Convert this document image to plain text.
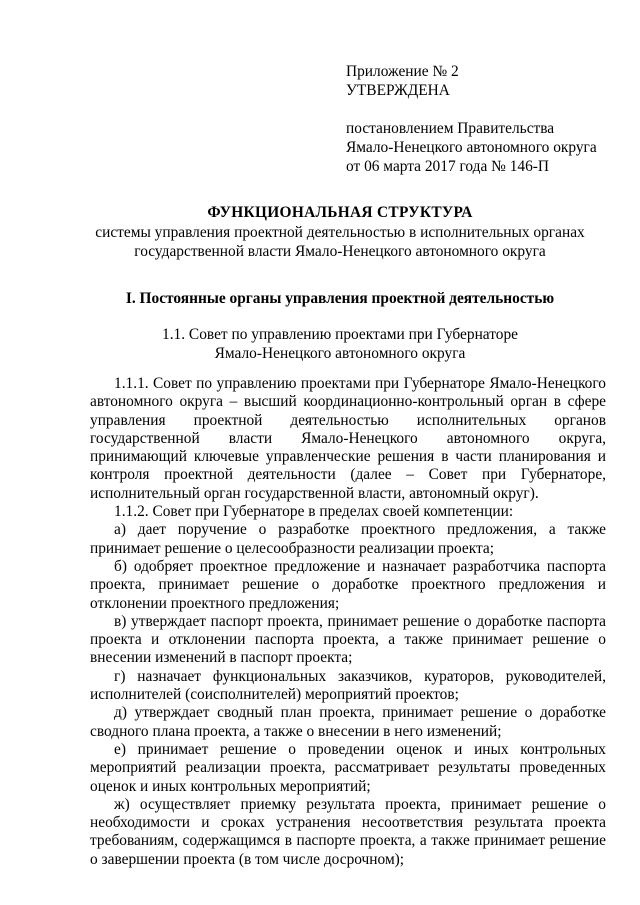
Приложение № 2
УТВЕРЖДЕНА
постановлением Правительства
Ямало-Ненецкого автономного округа
от 06 марта 2017 года № 146-П
ФУНКЦИОНАЛЬНАЯ СТРУКТУРА
системы управления проектной деятельностью в исполнительных органах
государственной власти Ямало-Ненецкого автономного округа
I. Постоянные органы управления проектной деятельностью
1.1. Совет по управлению проектами при Губернаторе
Ямало-Ненецкого автономного округа

1.1.1. Совет по управлению проектами при Губернаторе Ямало-Ненецкого автономного округа – высший координационно-контрольный орган в сфере управления проектной деятельностью исполнительных органов государственной власти Ямало-Ненецкого автономного округа, принимающий ключевые управленческие решения в части планирования и контроля проектной деятельности (далее – Совет при Губернаторе, исполнительный орган государственной власти, автономный округ).

1.1.2. Совет при Губернаторе в пределах своей компетенции:

а) дает поручение о разработке проектного предложения, а также принимает решение о целесообразности реализации проекта;

б) одобряет проектное предложение и назначает разработчика паспорта проекта, принимает решение о доработке проектного предложения и отклонении проектного предложения;

в) утверждает паспорт проекта, принимает решение о доработке паспорта проекта и отклонении паспорта проекта, а также принимает решение о внесении изменений в паспорт проекта;

г) назначает функциональных заказчиков, кураторов, руководителей, исполнителей (соисполнителей) мероприятий проектов;

д) утверждает сводный план проекта, принимает решение о доработке сводного плана проекта, а также о внесении в него изменений;

е) принимает решение о проведении оценок и иных контрольных мероприятий реализации проекта, рассматривает результаты проведенных оценок и иных контрольных мероприятий;

ж) осуществляет приемку результата проекта, принимает решение о необходимости и сроках устранения несоответствия результата проекта требованиям, содержащимся в паспорте проекта, а также принимает решение о завершении проекта (в том числе досрочном);
